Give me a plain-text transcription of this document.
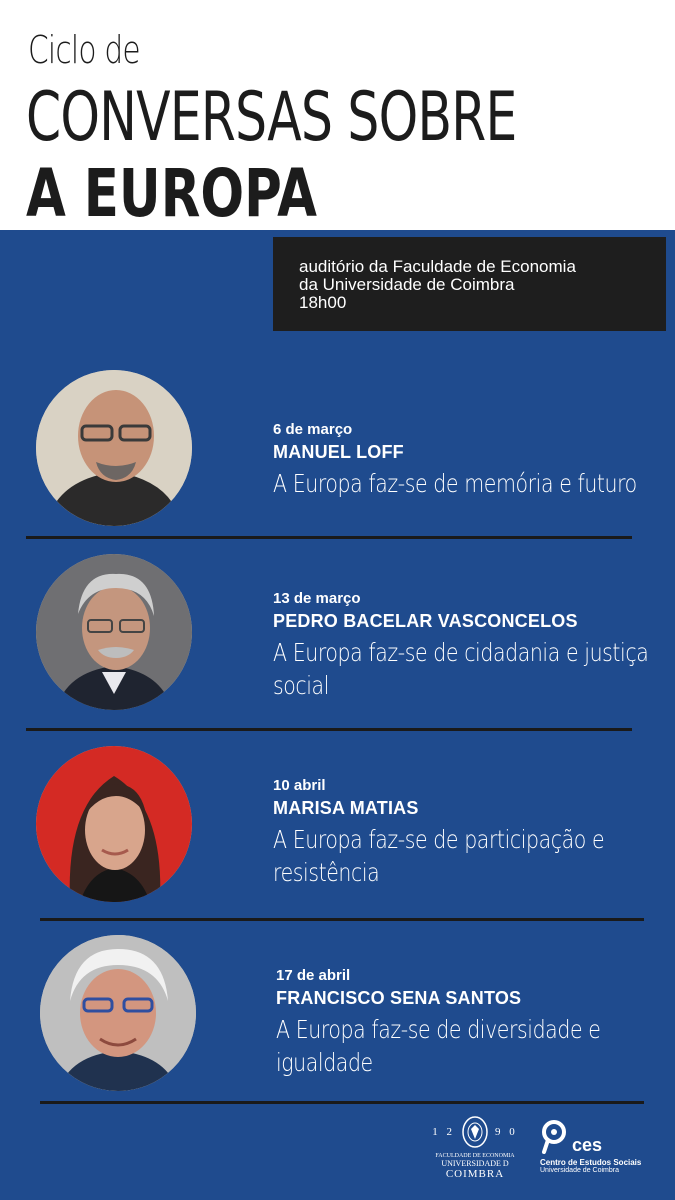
Ciclo de
CONVERSAS SOBRE
A EUROPA
auditório da Faculdade de Economia
da Universidade de Coimbra
18h00
6 de março
MANUEL LOFF
A Europa faz-se de memória e futuro
13 de março
PEDRO BACELAR VASCONCELOS
A Europa faz-se de cidadania e justiça social
10 abril
MARISA MATIAS
A Europa faz-se de participação e resistência
17 de abril
FRANCISCO SENA SANTOS
A Europa faz-se de diversidade e igualdade
1 2	9 0
FACULDADE DE ECONOMIA
UNIVERSIDADE D
COIMBRA
ces
Centro de Estudos Sociais
Universidade de Coimbra
